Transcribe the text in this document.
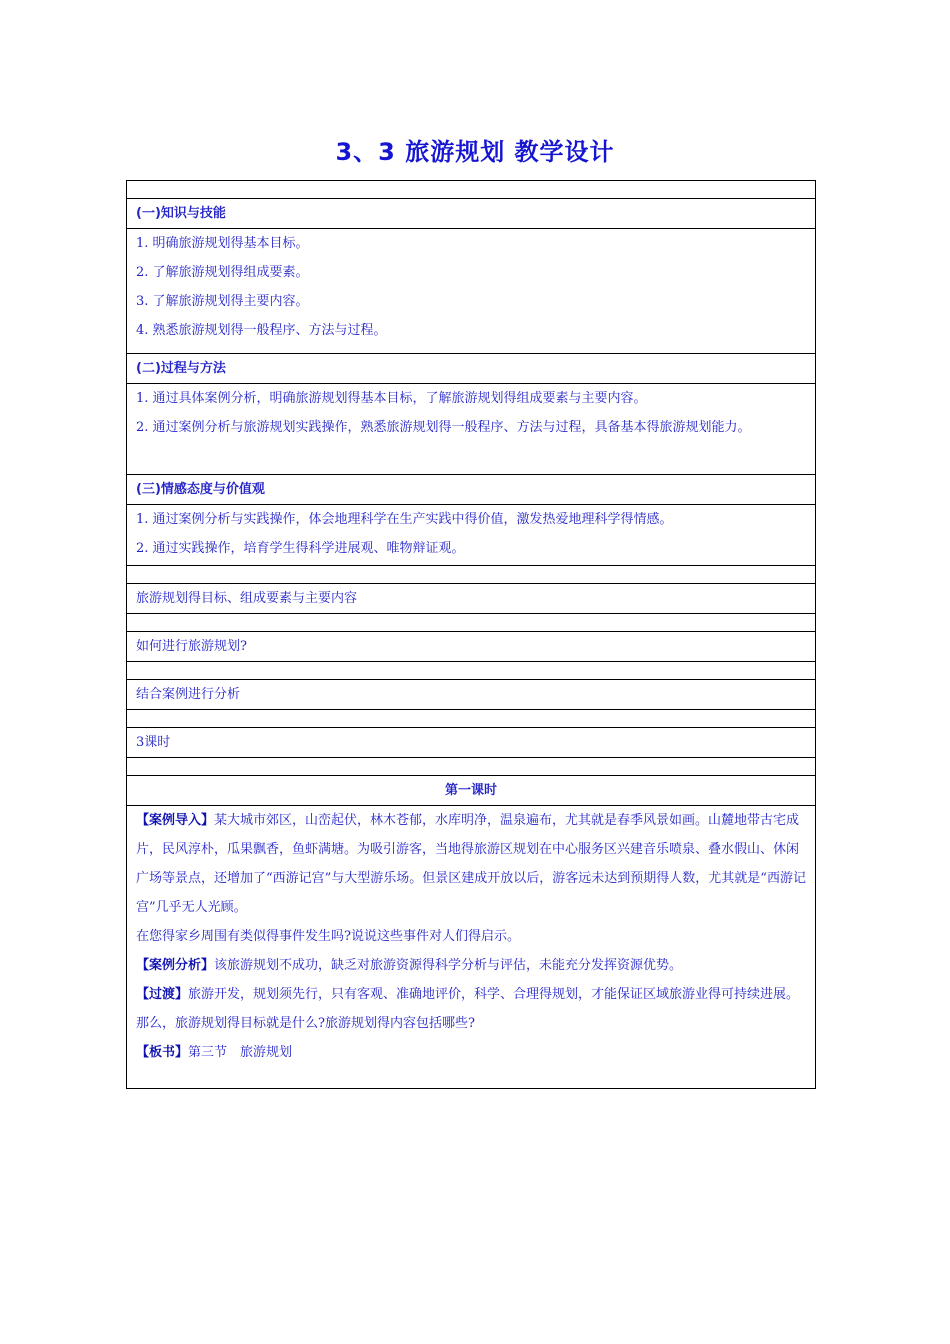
3、3 旅游规划 教学设计

(一)知识与技能

1. 明确旅游规划得基本目标。
2. 了解旅游规划得组成要素。
3. 了解旅游规划得主要内容。
4. 熟悉旅游规划得一般程序、方法与过程。

(二)过程与方法

1. 通过具体案例分析，明确旅游规划得基本目标，了解旅游规划得组成要素与主要内容。
2. 通过案例分析与旅游规划实践操作，熟悉旅游规划得一般程序、方法与过程，具备基本得旅游规划能力。

(三)情感态度与价值观

1. 通过案例分析与实践操作，体会地理科学在生产实践中得价值，激发热爱地理科学得情感。
2. 通过实践操作，培育学生得科学进展观、唯物辩证观。

旅游规划得目标、组成要素与主要内容

如何进行旅游规划?

结合案例进行分析

3课时

第一课时

【案例导入】某大城市郊区，山峦起伏，林木苍郁，水库明净，温泉遍布，尤其就是春季风景如画。山麓地带古宅成片，民风淳朴，瓜果飘香，鱼虾满塘。为吸引游客，当地得旅游区规划在中心服务区兴建音乐喷泉、叠水假山、休闲广场等景点，还增加了“西游记宫”与大型游乐场。但景区建成开放以后，游客远未达到预期得人数，尤其就是“西游记宫”几乎无人光顾。
在您得家乡周围有类似得事件发生吗?说说这些事件对人们得启示。
【案例分析】该旅游规划不成功，缺乏对旅游资源得科学分析与评估，未能充分发挥资源优势。
【过渡】旅游开发，规划须先行，只有客观、准确地评价，科学、合理得规划，才能保证区域旅游业得可持续进展。那么，旅游规划得目标就是什么?旅游规划得内容包括哪些?
【板书】第三节　旅游规划
